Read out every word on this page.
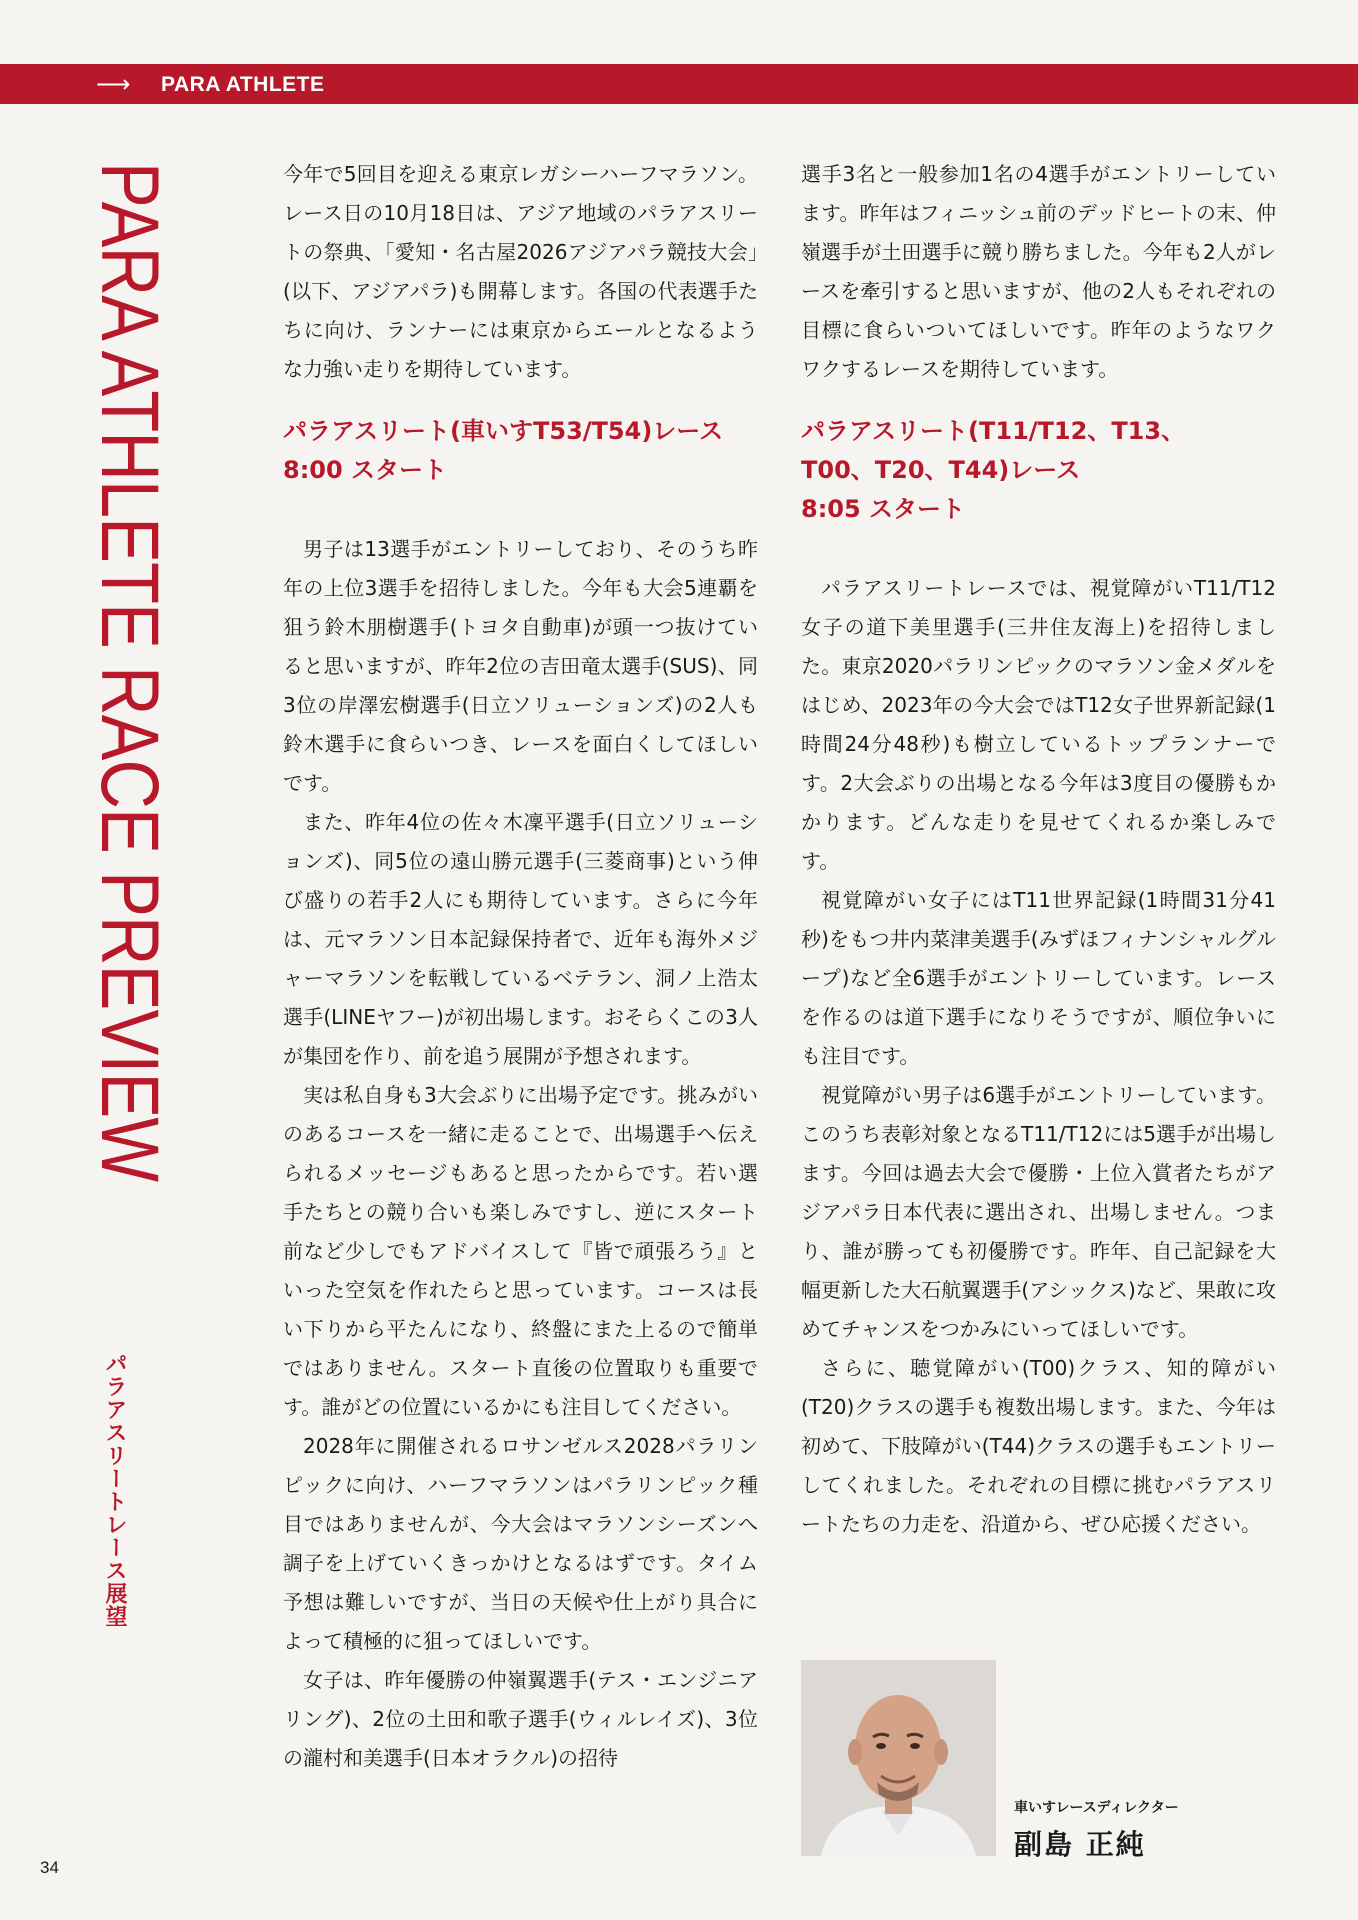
⟶ PARA ATHLETE
PARA ATHLETE RACE PREVIEW
パラアスリートレース展望

今年で5回目を迎える東京レガシーハーフマラソン。レース日の10月18日は、アジア地域のパラアスリートの祭典、「愛知・名古屋2026アジアパラ競技大会」(以下、アジアパラ)も開幕します。各国の代表選手たちに向け、ランナーには東京からエールとなるような力強い走りを期待しています。

パラアスリート(車いすT53/T54)レース
8:00 スタート

男子は13選手がエントリーしており、そのうち昨年の上位3選手を招待しました。今年も大会5連覇を狙う鈴木朋樹選手(トヨタ自動車)が頭一つ抜けていると思いますが、昨年2位の吉田竜太選手(SUS)、同3位の岸澤宏樹選手(日立ソリューションズ)の2人も鈴木選手に食らいつき、レースを面白くしてほしいです。

また、昨年4位の佐々木凜平選手(日立ソリューションズ)、同5位の遠山勝元選手(三菱商事)という伸び盛りの若手2人にも期待しています。さらに今年は、元マラソン日本記録保持者で、近年も海外メジャーマラソンを転戦しているベテラン、洞ノ上浩太選手(LINEヤフー)が初出場します。おそらくこの3人が集団を作り、前を追う展開が予想されます。

実は私自身も3大会ぶりに出場予定です。挑みがいのあるコースを一緒に走ることで、出場選手へ伝えられるメッセージもあると思ったからです。若い選手たちとの競り合いも楽しみですし、逆にスタート前など少しでもアドバイスして『皆で頑張ろう』といった空気を作れたらと思っています。コースは長い下りから平たんになり、終盤にまた上るので簡単ではありません。スタート直後の位置取りも重要です。誰がどの位置にいるかにも注目してください。

2028年に開催されるロサンゼルス2028パラリンピックに向け、ハーフマラソンはパラリンピック種目ではありませんが、今大会はマラソンシーズンへ調子を上げていくきっかけとなるはずです。タイム予想は難しいですが、当日の天候や仕上がり具合によって積極的に狙ってほしいです。

女子は、昨年優勝の仲嶺翼選手(テス・エンジニアリング)、2位の土田和歌子選手(ウィルレイズ)、3位の瀧村和美選手(日本オラクル)の招待

選手3名と一般参加1名の4選手がエントリーしています。昨年はフィニッシュ前のデッドヒートの末、仲嶺選手が土田選手に競り勝ちました。今年も2人がレースを牽引すると思いますが、他の2人もそれぞれの目標に食らいついてほしいです。昨年のようなワクワクするレースを期待しています。

パラアスリート(T11/T12、T13、
T00、T20、T44)レース
8:05 スタート

パラアスリートレースでは、視覚障がいT11/T12女子の道下美里選手(三井住友海上)を招待しました。東京2020パラリンピックのマラソン金メダルをはじめ、2023年の今大会ではT12女子世界新記録(1時間24分48秒)も樹立しているトップランナーです。2大会ぶりの出場となる今年は3度目の優勝もかかります。どんな走りを見せてくれるか楽しみです。

視覚障がい女子にはT11世界記録(1時間31分41秒)をもつ井内菜津美選手(みずほフィナンシャルグループ)など全6選手がエントリーしています。レースを作るのは道下選手になりそうですが、順位争いにも注目です。

視覚障がい男子は6選手がエントリーしています。このうち表彰対象となるT11/T12には5選手が出場します。今回は過去大会で優勝・上位入賞者たちがアジアパラ日本代表に選出され、出場しません。つまり、誰が勝っても初優勝です。昨年、自己記録を大幅更新した大石航翼選手(アシックス)など、果敢に攻めてチャンスをつかみにいってほしいです。

さらに、聴覚障がい(T00)クラス、知的障がい(T20)クラスの選手も複数出場します。また、今年は初めて、下肢障がい(T44)クラスの選手もエントリーしてくれました。それぞれの目標に挑むパラアスリートたちの力走を、沿道から、ぜひ応援ください。

車いすレースディレクター
副島 正純
34
